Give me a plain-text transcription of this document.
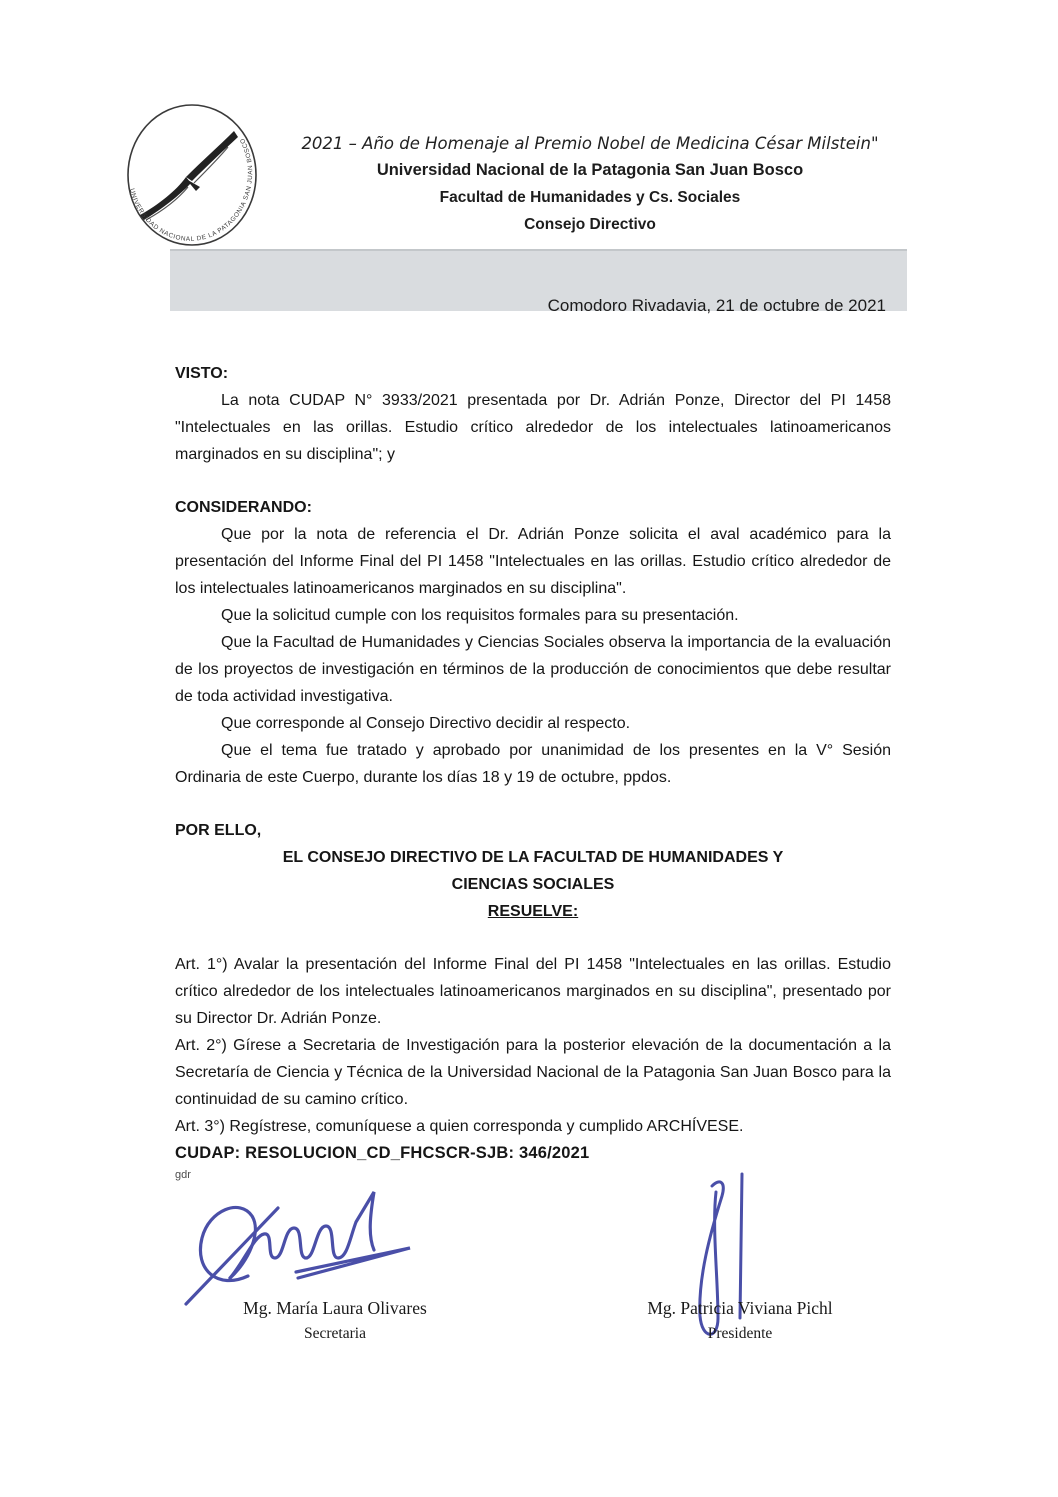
UNIVERSIDAD NACIONAL DE LA PATAGONIA SAN JUAN BOSCO	2021 – Año de Homenaje al Premio Nobel de Medicina César Milstein"
Universidad Nacional de la Patagonia San Juan Bosco
Facultad de Humanidades y Cs. Sociales
Consejo Directivo
Comodoro Rivadavia, 21 de octubre de 2021

VISTO:

La nota CUDAP N° 3933/2021 presentada por Dr. Adrián Ponze, Director del PI 1458 "Intelectuales en las orillas. Estudio crítico alrededor de los intelectuales latinoamericanos marginados en su disciplina"; y

CONSIDERANDO:

Que por la nota de referencia el Dr. Adrián Ponze solicita el aval académico para la presentación del Informe Final del PI 1458 "Intelectuales en las orillas. Estudio crítico alrededor de los intelectuales latinoamericanos marginados en su disciplina".

Que la solicitud cumple con los requisitos formales para su presentación.

Que la Facultad de Humanidades y Ciencias Sociales observa la importancia de la evaluación de los proyectos de investigación en términos de la producción de conocimientos que debe resultar de toda actividad investigativa.

Que corresponde al Consejo Directivo decidir al respecto.

Que el tema fue tratado y aprobado por unanimidad de los presentes en la V° Sesión Ordinaria de este Cuerpo, durante los días 18 y 19 de octubre, ppdos.

POR ELLO,

EL CONSEJO DIRECTIVO DE LA FACULTAD DE HUMANIDADES Y

CIENCIAS SOCIALES

RESUELVE:

Art. 1°) Avalar la presentación del Informe Final del PI 1458 "Intelectuales en las orillas. Estudio crítico alrededor de los intelectuales latinoamericanos marginados en su disciplina", presentado por su Director Dr. Adrián Ponze.

Art. 2°) Gírese a Secretaria de Investigación para la posterior elevación de la documentación a la Secretaría de Ciencia y Técnica de la Universidad Nacional de la Patagonia San Juan Bosco para la continuidad de su camino crítico.

Art. 3°) Regístrese, comuníquese a quien corresponda y cumplido ARCHÍVESE.

CUDAP: RESOLUCION_CD_FHCSCR-SJB: 346/2021

gdr

Mg. María Laura Olivares
Secretaria
Mg. Patricia Viviana Pichl
Presidente
